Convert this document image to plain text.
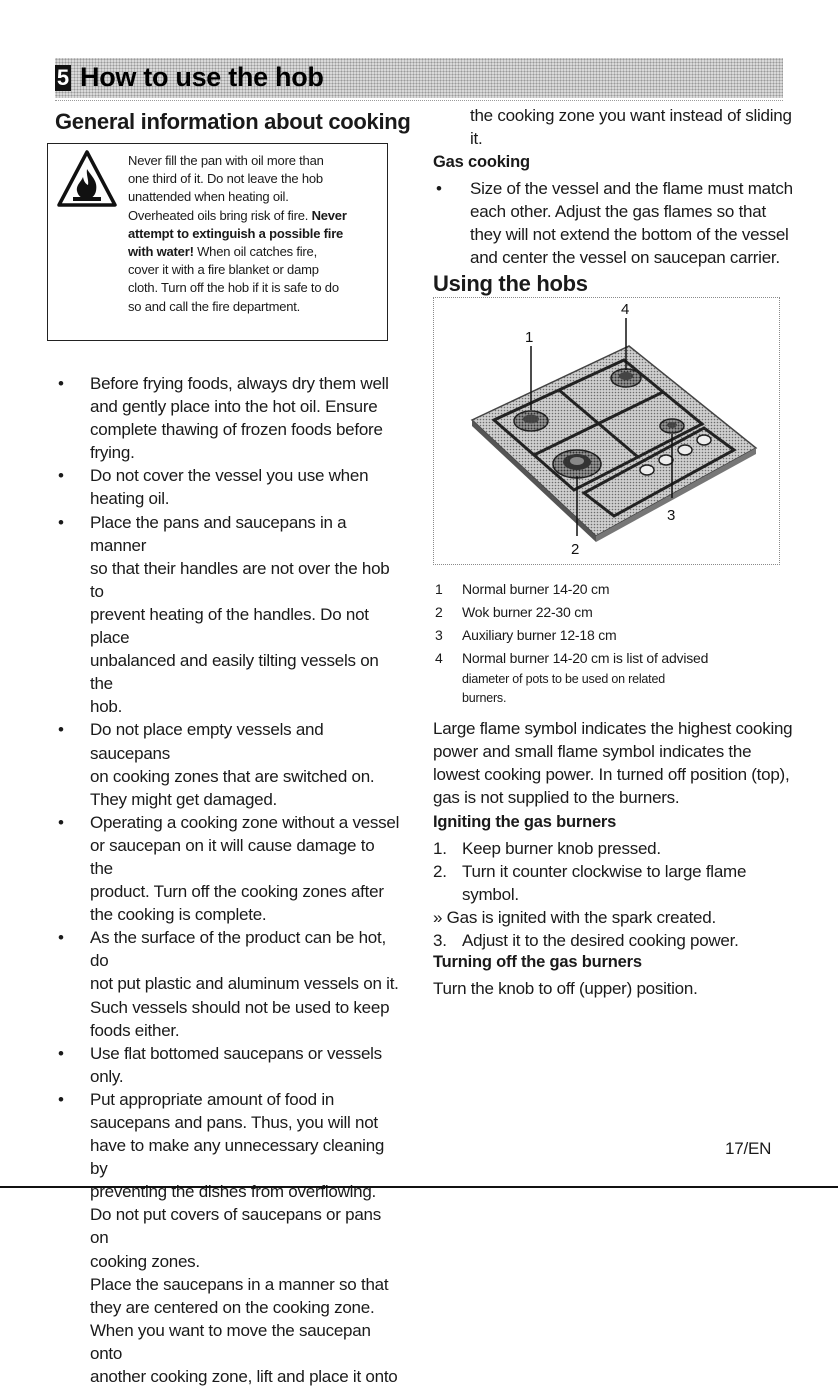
5 How to use the hob
General information about cooking
Never fill the pan with oil more than
one third of it. Do not leave the hob
unattended when heating oil.
Overheated oils bring risk of fire. Never
attempt to extinguish a possible fire
with water! When oil catches fire,
cover it with a fire blanket or damp
cloth. Turn off the hob if it is safe to do
so and call the fire department.
• Before frying foods, always dry them well
and gently place into the hot oil. Ensure
complete thawing of frozen foods before
frying.
• Do not cover the vessel you use when
heating oil.
• Place the pans and saucepans in a manner
so that their handles are not over the hob to
prevent heating of the handles. Do not place
unbalanced and easily tilting vessels on the
hob.
• Do not place empty vessels and saucepans
on cooking zones that are switched on.
They might get damaged.
• Operating a cooking zone without a vessel
or saucepan on it will cause damage to the
product. Turn off the cooking zones after
the cooking is complete.
• As the surface of the product can be hot, do
not put plastic and aluminum vessels on it.
Such vessels should not be used to keep
foods either.
• Use flat bottomed saucepans or vessels only.
• Put appropriate amount of food in
saucepans and pans. Thus, you will not
have to make any unnecessary cleaning by
preventing the dishes from overflowing.
Do not put covers of saucepans or pans on
cooking zones.
Place the saucepans in a manner so that
they are centered on the cooking zone.
When you want to move the saucepan onto
another cooking zone, lift and place it onto
the cooking zone you want instead of sliding
it.
Gas cooking
• Size of the vessel and the flame must match
each other. Adjust the gas flames so that
they will not extend the bottom of the vessel
and center the vessel on saucepan carrier.
Using the hobs
1
4
2
3
1 Normal burner 14-20 cm
2 Wok burner 22-30 cm
3 Auxiliary burner 12-18 cm
4 Normal burner 14-20 cm is list of advised
diameter of pots to be used on related
burners.
Large flame symbol indicates the highest cooking
power and small flame symbol indicates the
lowest cooking power. In turned off position (top),
gas is not supplied to the burners.
Igniting the gas burners
1. Keep burner knob pressed.
2. Turn it counter clockwise to large flame
symbol.
» Gas is ignited with the spark created.
3. Adjust it to the desired cooking power.
Turning off the gas burners
Turn the knob to off (upper) position.
17/EN
